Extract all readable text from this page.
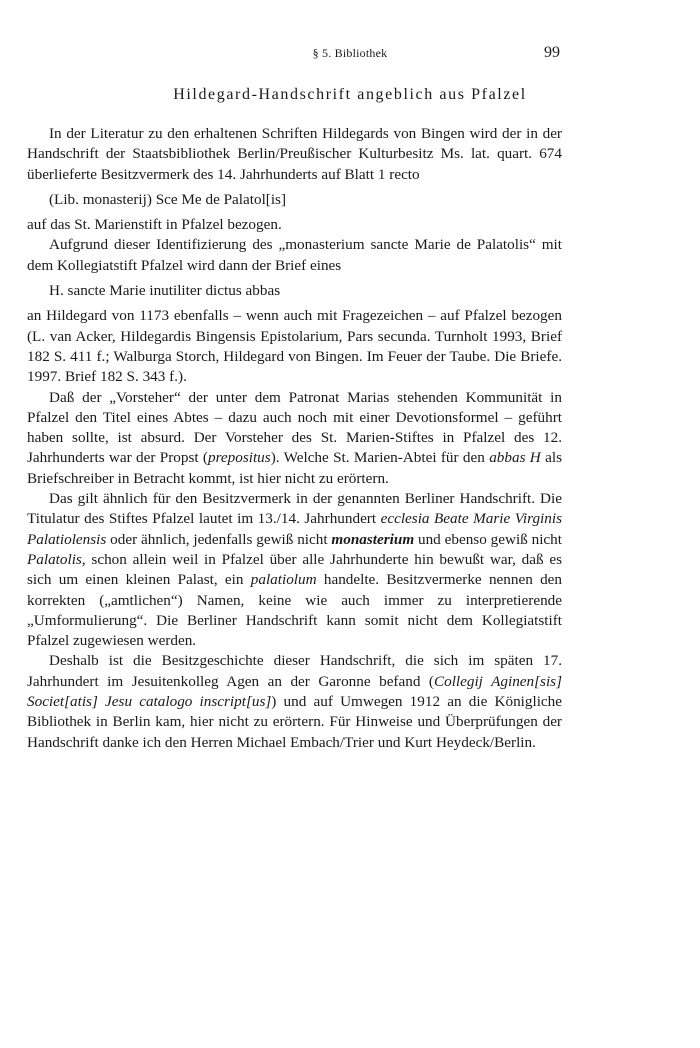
§ 5. Bibliothek	99
Hildegard-Handschrift angeblich aus Pfalzel

In der Literatur zu den erhaltenen Schriften Hildegards von Bingen wird der in der Handschrift der Staatsbibliothek Berlin/Preußischer Kulturbesitz Ms. lat. quart. 674 überlieferte Besitzvermerk des 14. Jahrhunderts auf Blatt 1 recto

(Lib. monasterij) Sce Me de Palatol[is]

auf das St. Marienstift in Pfalzel bezogen.

Aufgrund dieser Identifizierung des „monasterium sancte Marie de Palatolis“ mit dem Kollegiatstift Pfalzel wird dann der Brief eines

H. sancte Marie inutiliter dictus abbas

an Hildegard von 1173 ebenfalls – wenn auch mit Fragezeichen – auf Pfalzel bezogen (L. van Acker, Hildegardis Bingensis Epistolarium, Pars secunda. Turnholt 1993, Brief 182 S. 411 f.; Walburga Storch, Hildegard von Bingen. Im Feuer der Taube. Die Briefe. 1997. Brief 182 S. 343 f.).

Daß der „Vorsteher“ der unter dem Patronat Marias stehenden Kommunität in Pfalzel den Titel eines Abtes – dazu auch noch mit einer Devotionsformel – geführt haben sollte, ist absurd. Der Vorsteher des St. Marien-Stiftes in Pfalzel des 12. Jahrhunderts war der Propst (prepositus). Welche St. Marien-Abtei für den abbas H als Briefschreiber in Betracht kommt, ist hier nicht zu erörtern.

Das gilt ähnlich für den Besitzvermerk in der genannten Berliner Handschrift. Die Titulatur des Stiftes Pfalzel lautet im 13./14. Jahrhundert ecclesia Beate Marie Virginis Palatiolensis oder ähnlich, jedenfalls gewiß nicht monasterium und ebenso gewiß nicht Palatolis, schon allein weil in Pfalzel über alle Jahrhunderte hin bewußt war, daß es sich um einen kleinen Palast, ein palatiolum handelte. Besitzvermerke nennen den korrekten („amtlichen“) Namen, keine wie auch immer zu interpretierende „Umformulierung“. Die Berliner Handschrift kann somit nicht dem Kollegiatstift Pfalzel zugewiesen werden.

Deshalb ist die Besitzgeschichte dieser Handschrift, die sich im späten 17. Jahrhundert im Jesuitenkolleg Agen an der Garonne befand (Collegij Aginen[sis] Societ[atis] Jesu catalogo inscript[us]) und auf Umwegen 1912 an die Königliche Bibliothek in Berlin kam, hier nicht zu erörtern. Für Hinweise und Überprüfungen der Handschrift danke ich den Herren Michael Embach/Trier und Kurt Heydeck/Berlin.
